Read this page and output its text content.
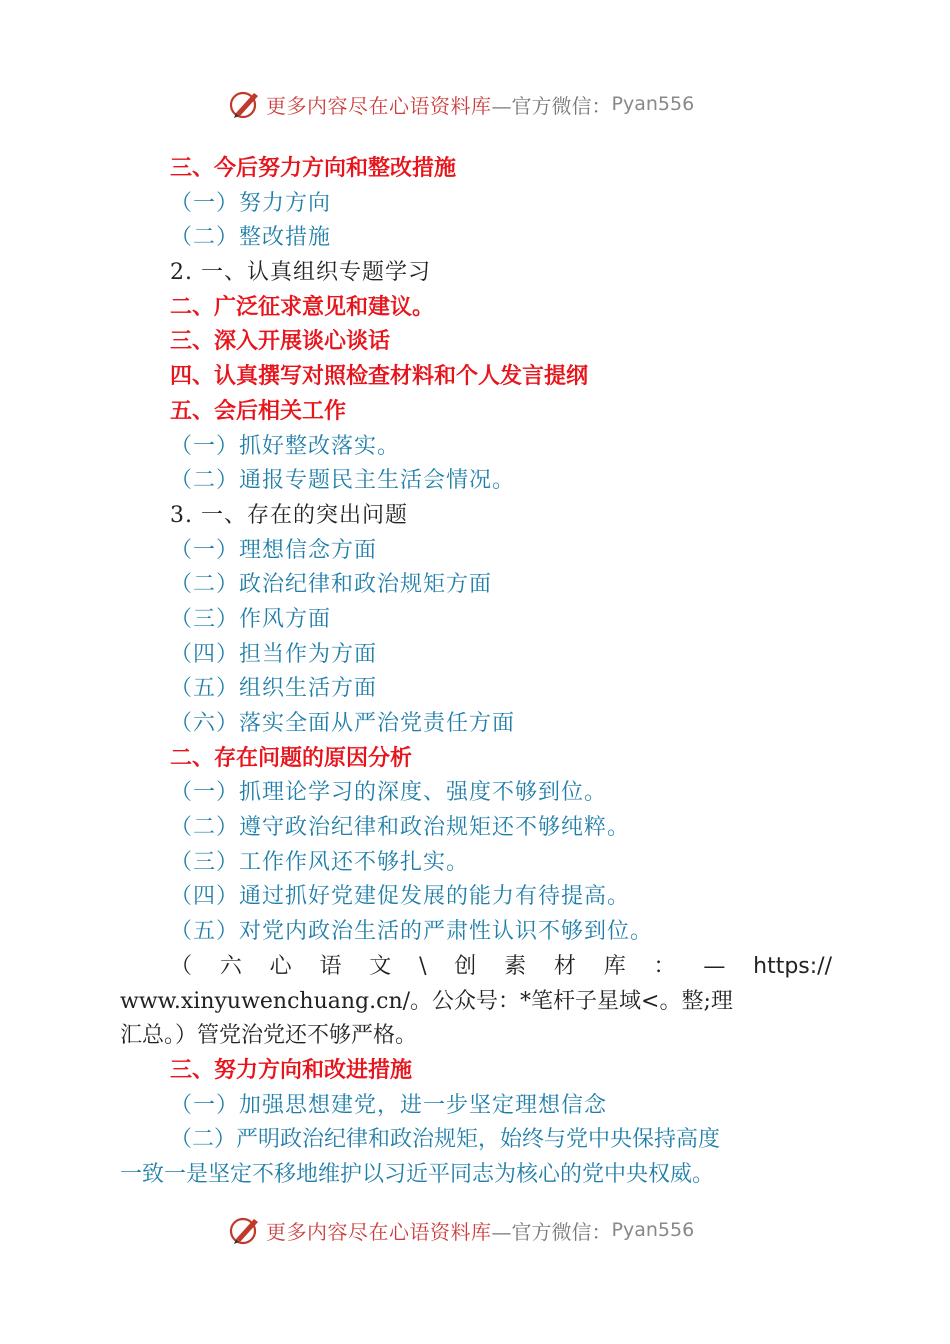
更多内容尽在心语资料库 —官方微信： Pyan556
三、今后努力方向和整改措施
（一）努力方向
（二）整改措施
2. 一、认真组织专题学习
二、广泛征求意见和建议。
三、深入开展谈心谈话
四、认真撰写对照检查材料和个人发言提纲
五、会后相关工作
（一）抓好整改落实。
（二）通报专题民主生活会情况。
3. 一、存在的突出问题
（一）理想信念方面
（二）政治纪律和政治规矩方面
（三）作风方面
（四）担当作为方面
（五）组织生活方面
（六）落实全面从严治党责任方面
二、存在问题的原因分析
（一）抓理论学习的深度、强度不够到位。
（二）遵守政治纪律和政治规矩还不够纯粹。
（三）工作作风还不够扎实。
（四）通过抓好党建促发展的能力有待提高。
（五）对党内政治生活的严肃性认识不够到位。
（ 六 心 语 文 \ 创 素 材 库 ： — https://
www.xinyuwenchuang.cn/。公众号：*笔杆子星域<。整;理
汇总。）管党治党还不够严格。
三、努力方向和改进措施
（一）加强思想建党，进一步坚定理想信念
（二）严明政治纪律和政治规矩，始终与党中央保持高度
一致一是坚定不移地维护以习近平同志为核心的党中央权威。
更多内容尽在心语资料库 —官方微信： Pyan556
